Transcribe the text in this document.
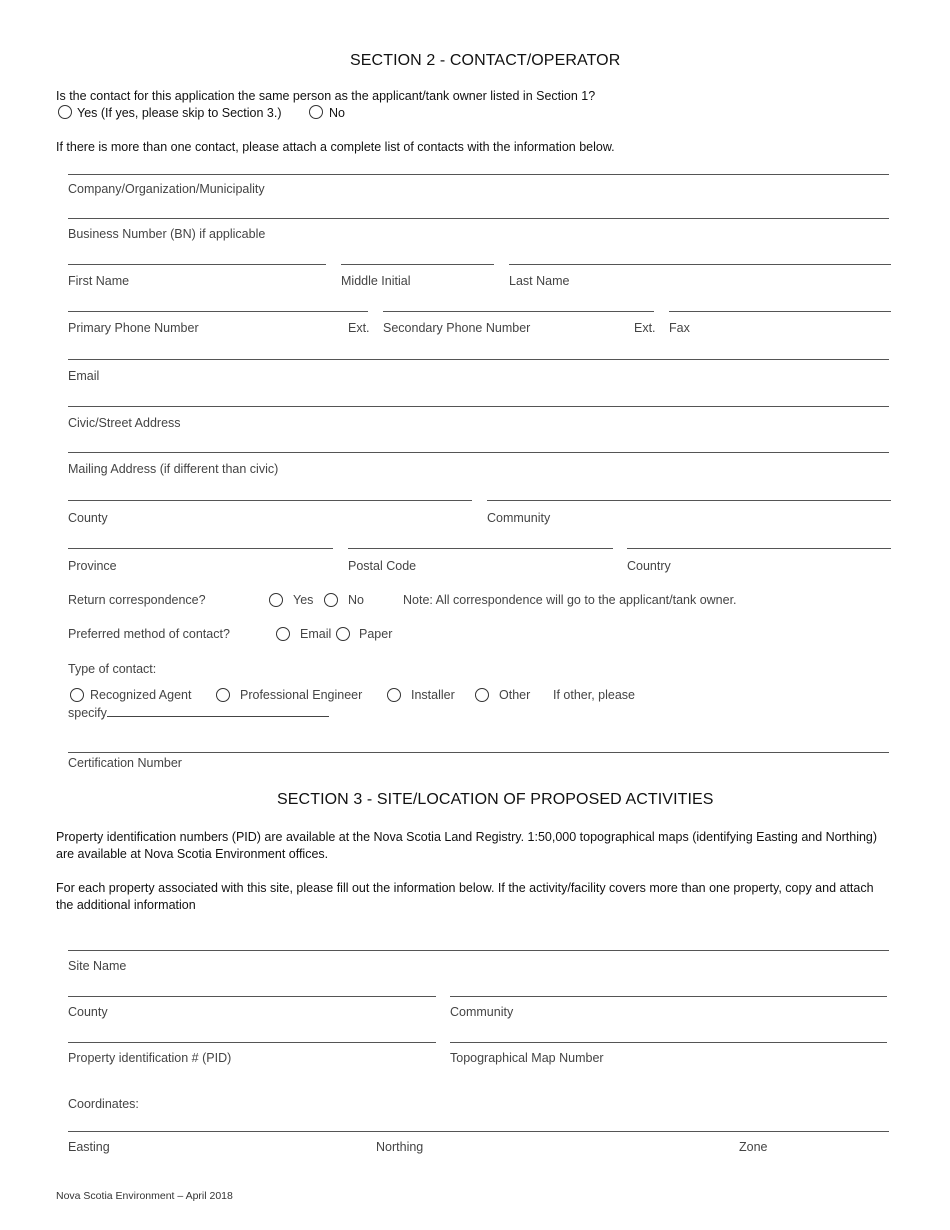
SECTION 2 - CONTACT/OPERATOR
Is the contact for this application the same person as the applicant/tank owner listed in Section 1?
Yes (If yes, please skip to Section 3.)	No
If there is more than one contact, please attach a complete list of contacts with the information below.
Company/Organization/Municipality
Business Number (BN) if applicable
First Name	Middle Initial	Last Name
Primary Phone Number	Ext. Secondary Phone Number	Ext. Fax
Email
Civic/Street Address
Mailing Address (if different than civic)
County	Community
Province	Postal Code	Country
Return correspondence?	Yes	No	Note: All correspondence will go to the applicant/tank owner.
Preferred method of contact?	Email Paper
Type of contact:
Recognized Agent	Professional Engineer	Installer	Other If other, please
specify
Certification Number
SECTION 3 - SITE/LOCATION OF PROPOSED ACTIVITIES
Property identification numbers (PID) are available at the Nova Scotia Land Registry. 1:50,000 topographical maps (identifying Easting and Northing) are available at Nova Scotia Environment offices.
For each property associated with this site, please fill out the information below. If the activity/facility covers more than one property, copy and attach the additional information
Site Name
County	Community
Property identification # (PID)	Topographical Map Number
Coordinates:
Easting	Northing	Zone
Nova Scotia Environment – April 2018
